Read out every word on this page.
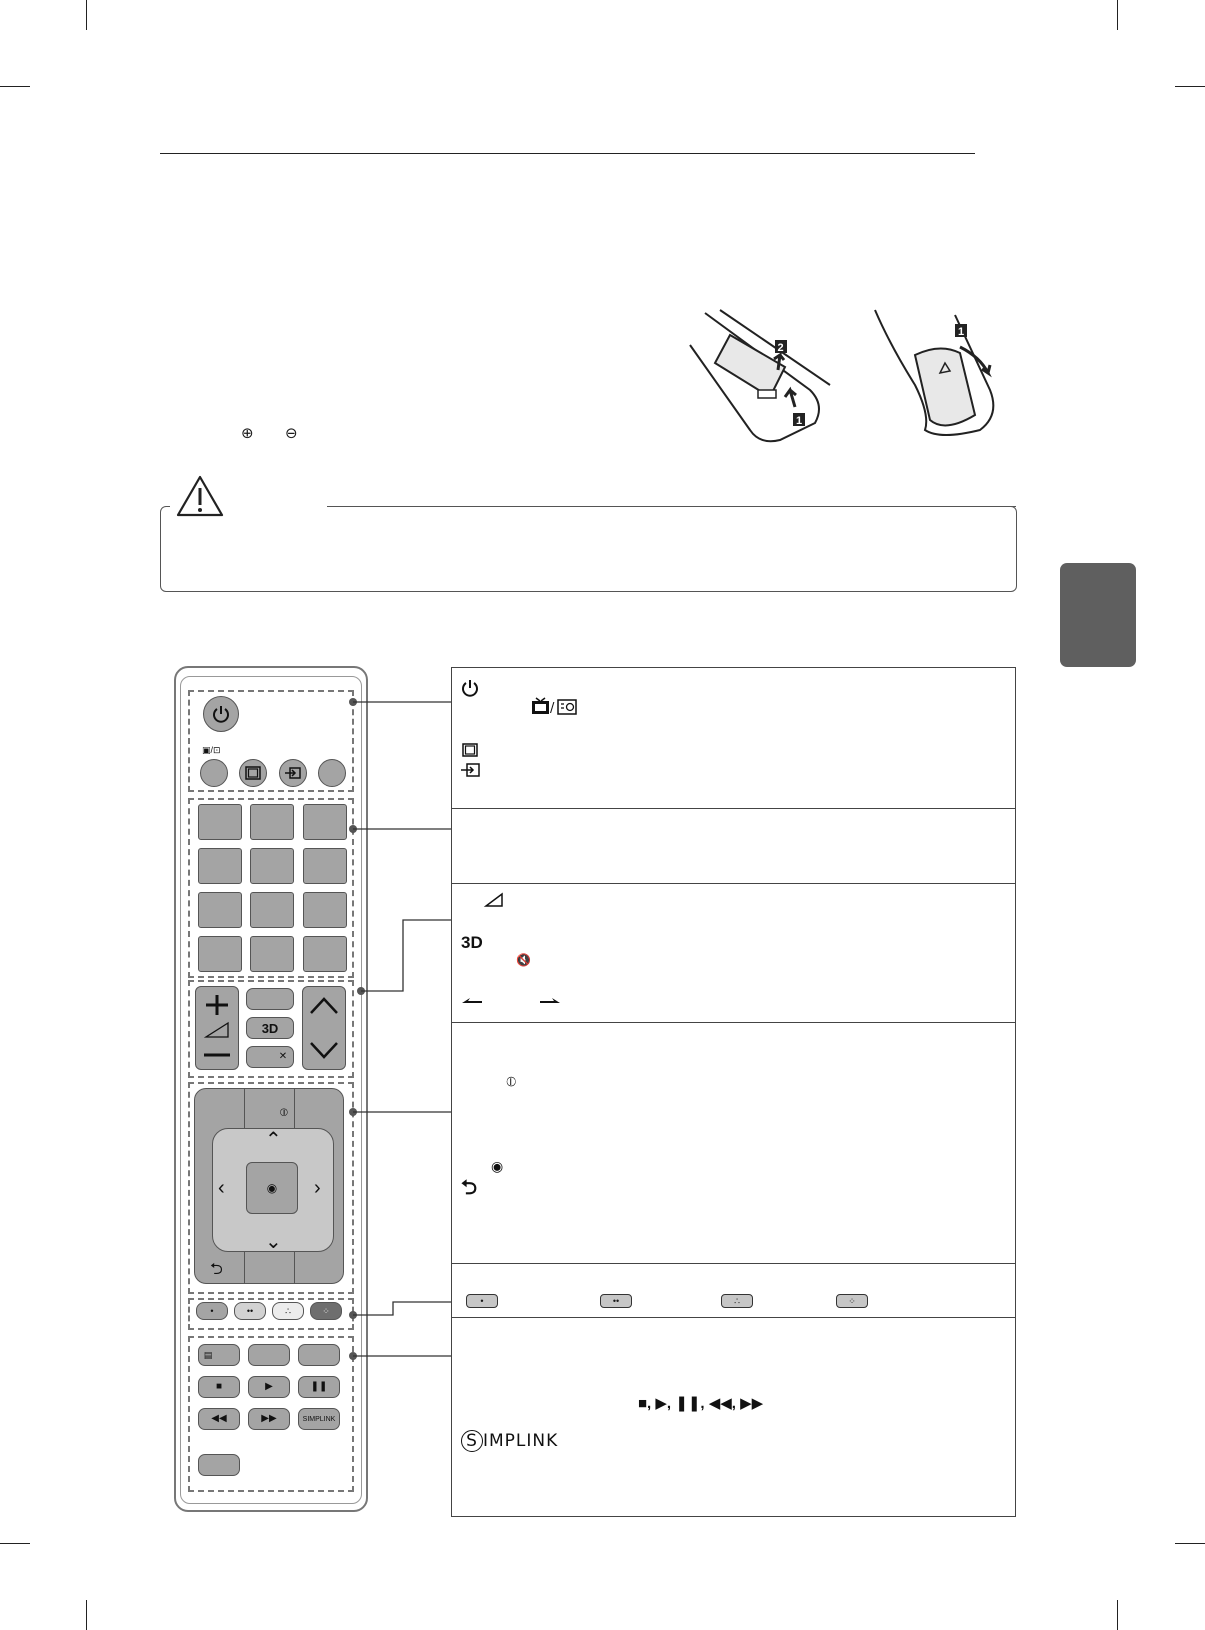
2
1
1
⊕ ⊖
▣/⊡
3D
✕
⦶
⌃
⌄
‹	›
◉
⮌
•	••	∴	⁘
▤
■	▶	❚❚
◀◀	▶▶	SIMPLINK
/
3D
🔇
⦶
◉
⮌
•	••	∴	⁘
■, ▶, ❚❚, ◀◀, ▶▶
S IMPLINK
